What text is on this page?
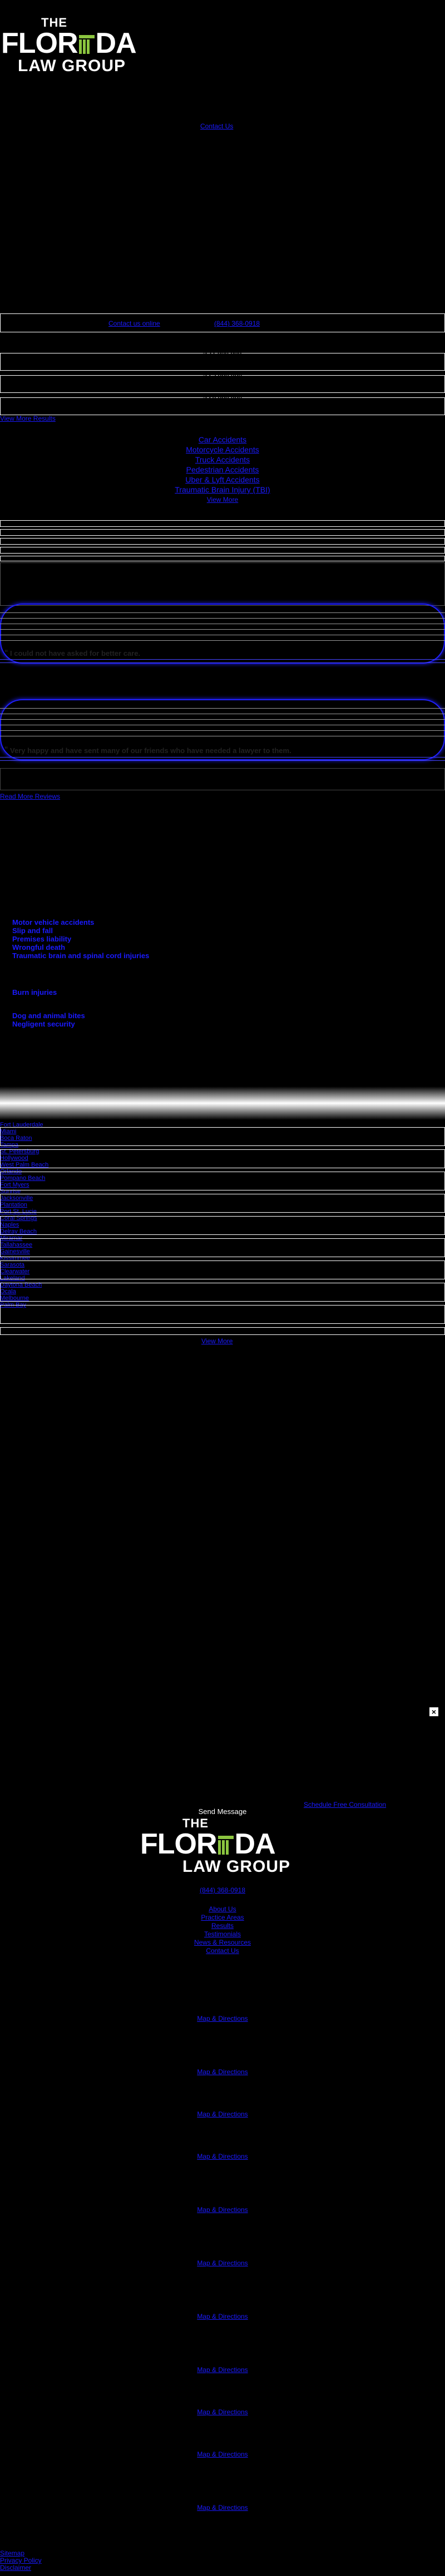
THE
FLOR DA
LAW GROUP
Contact Us
Contact us online	(844) 368-0918
$ 11,000,000
$ 25,000,000
$ 20,000,000
View More Results
Car Accidents
Motorcycle Accidents
Truck Accidents
Pedestrian Accidents
Uber & Lyft Accidents
Traumatic Brain Injury (TBI)
View More
“ I could not have asked for better care.
“ Very happy and have sent many of our friends who have needed a lawyer to them.
Read More Reviews
Motor vehicle accidents
Slip and fall
Premises liability
Wrongful death
Traumatic brain and spinal cord injuries
Burn injuries
Dog and animal bites
Negligent security
Fort Lauderdale
Miami
Boca Raton
Tampa
St. Petersburg
Hollywood
West Palm Beach
Orlando
Pompano Beach
Fort Myers
Sunrise
Jacksonville
Plantation
Port St. Lucie
Coral Springs
Naples
Delray Beach
Miramar
Tallahassee
Gainesville
Kissimmee
Sarasota
Clearwater
Lakeland
Daytona Beach
Ocala
Melbourne
Palm Bay
View More
×
Schedule Free Consultation
Send Message
THE
FLOR DA
LAW GROUP
(844) 368-0918
About Us
Practice Areas
Results
Testimonials
News & Resources
Contact Us
Map & Directions
Map & Directions
Map & Directions
Map & Directions
Map & Directions
Map & Directions
Map & Directions
Map & Directions
Map & Directions
Map & Directions
Map & Directions
Sitemap
Privacy Policy
Disclaimer
